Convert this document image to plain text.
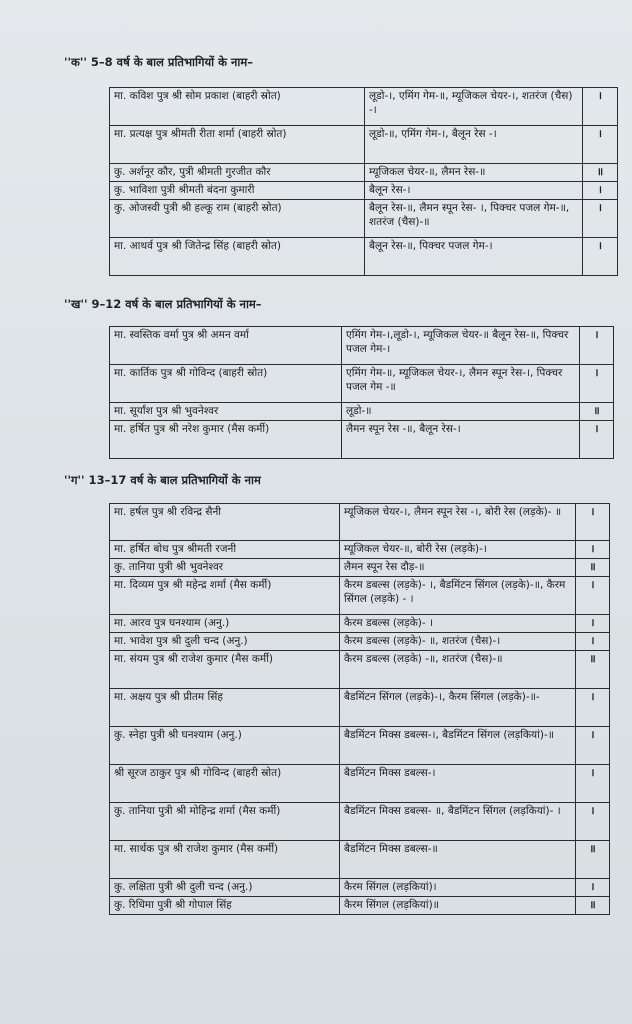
''क'' 5–8 वर्ष के बाल प्रतिभागियों के नाम–
मा. कविश पुत्र श्री सोम प्रकाश (बाहरी स्रोत)	लूडो-।, एमिंग गेम-॥, म्यूजिकल चेयर-।, शतरंज (चैस) -।	।
मा. प्रत्यक्ष पुत्र श्रीमती रीता शर्मा (बाहरी स्रोत)	लूडो-॥, एमिंग गेम-।, बैलून रेस -।	।
कु. अर्शनूर कौर, पुत्री श्रीमती गुरजीत कौर	म्यूजिकल चेयर-॥, लैमन रेस-॥	॥
कु. भाविशा पुत्री श्रीमती बंदना कुमारी	बैलून रेस-।	।
कु. ओजस्वी पुत्री श्री हल्कू राम (बाहरी स्रोत)	बैलून रेस-॥, लैमन स्पून रेस- ।, पिक्चर पजल गेम-॥, शतरंज (चैस)-॥	।
मा. आथर्व पुत्र श्री जितेन्द्र सिंह (बाहरी स्रोत)	बैलून रेस-॥, पिक्चर पजल गेम-।	।
''ख'' 9–12 वर्ष के बाल प्रतिभागियों के नाम–
मा. स्वस्तिक वर्मा पुत्र श्री अमन वर्मा	एमिंग गेम-।,लूडो-।, म्यूजिकल चेयर-॥ बैलून रेस-॥, पिक्चर पजल गेम-।	।
मा. कार्तिक पुत्र श्री गोविन्द (बाहरी स्रोत)	एमिंग गेम-॥, म्यूजिकल चेयर-।, लैमन स्पून रेस-।, पिक्चर पजल गेम -॥	।
मा. सूर्यांश पुत्र श्री भुवनेश्वर	लूडो-॥	॥
मा. हर्षित पुत्र श्री नरेश कुमार (मैस कर्मी)	लैमन स्पून रेस -॥, बैलून रेस-।	।
''ग'' 13–17 वर्ष के बाल प्रतिभागियों के नाम
मा. हर्षल पुत्र श्री रविन्द्र सैनी	म्यूजिकल चेयर-।, लैमन स्पून रेस -।, बोरी रेस (लड़के)- ॥	।
मा. हर्षित बोध पुत्र श्रीमती रजनी	म्यूजिकल चेयर-॥, बोरी रेस (लड़के)-।	।
कु. तानिया पुत्री श्री भुवनेश्वर	लैमन स्पून रेस दौड़-॥	॥
मा. दिव्यम पुत्र श्री महेन्द्र शर्मा (मैस कर्मी)	कैरम डबल्स (लड़के)- ।, बैडमिंटन सिंगल (लड़के)-॥, कैरम सिंगल (लड़के) - ।	।
मा. आरव पुत्र घनश्याम (अनु.)	कैरम डबल्स (लड़के)- ।	।
मा. भावेश पुत्र श्री दुली चन्द (अनु.)	कैरम डबल्स (लड़के)- ॥, शतरंज (चैस)-।	।
मा. संयम पुत्र श्री राजेश कुमार (मैस कर्मी)	कैरम डबल्स (लड़के) -॥, शतरंज (चैस)-॥	॥
मा. अक्षय पुत्र श्री प्रीतम सिंह	बैडमिंटन सिंगल (लड़के)-।, कैरम सिंगल (लड़के)-॥-	।
कु. स्नेहा पुत्री श्री घनश्याम (अनु.)	बैडमिंटन मिक्स डबल्स-।, बैडमिंटन सिंगल (लड़कियां)-॥	।
श्री सूरज ठाकुर पुत्र श्री गोविन्द (बाहरी स्रोत)	बैडमिंटन मिक्स डबल्स-।	।
कु. तानिया पुत्री श्री मोहिन्द्र शर्मा (मैस कर्मी)	बैडमिंटन मिक्स डबल्स- ॥, बैडमिंटन सिंगल (लड़कियां)- ।	।
मा. सार्थक पुत्र श्री राजेश कुमार (मैस कर्मी)	बैडमिंटन मिक्स डबल्स-॥	॥
कु. लक्षिता पुत्री श्री दुली चन्द (अनु.)	कैरम सिंगल (लड़कियां)।	।
कु. रिधिमा पुत्री श्री गोपाल सिंह	कैरम सिंगल (लड़कियां)॥	॥
